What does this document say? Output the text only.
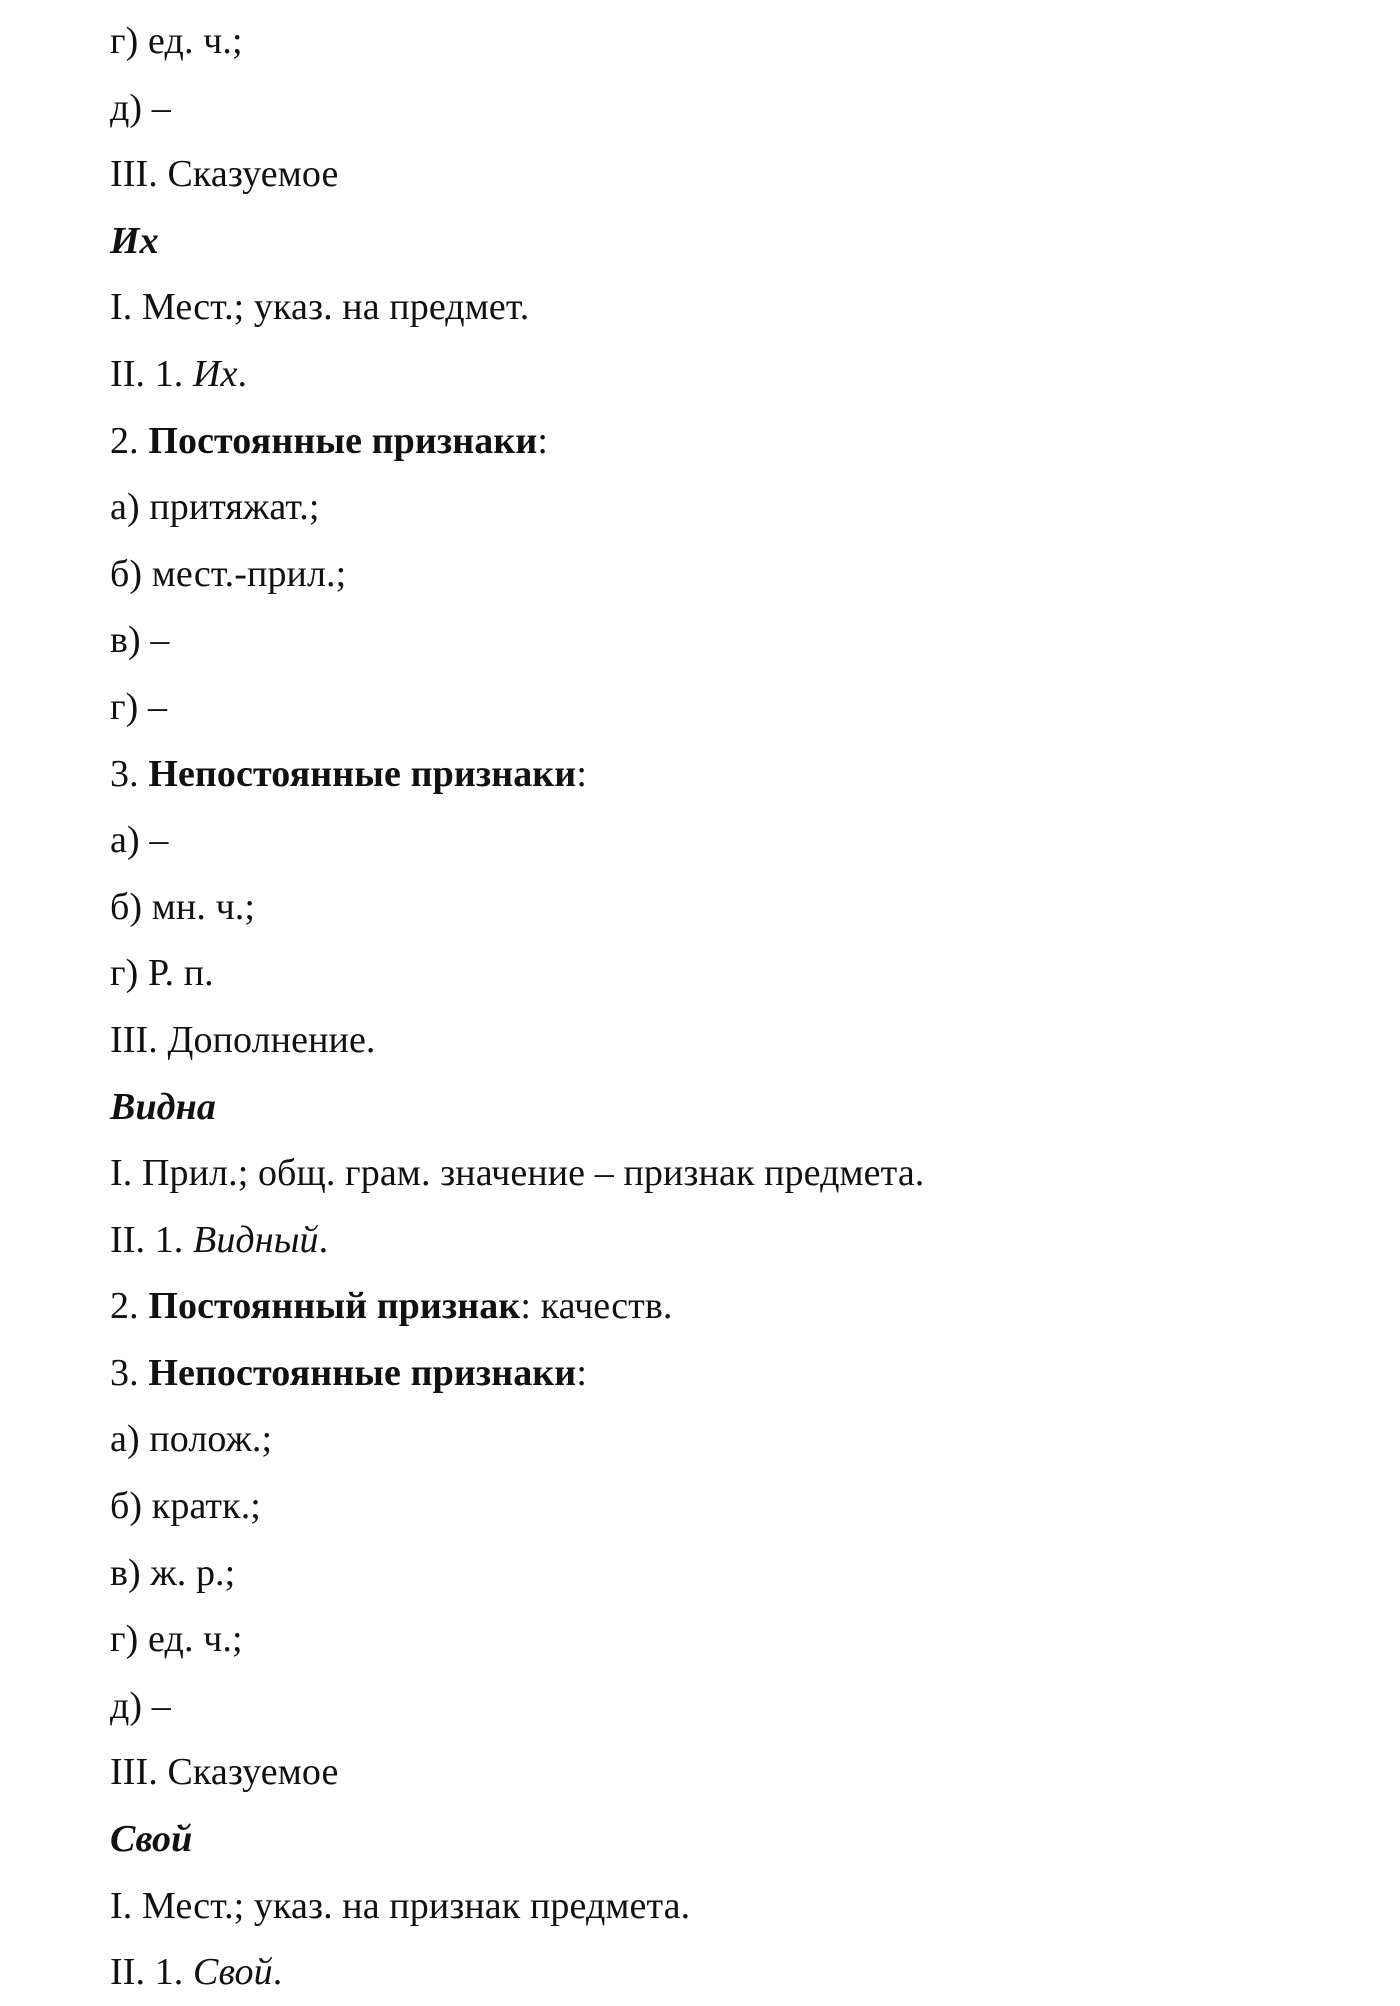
г) ед. ч.;
д) –
III. Сказуемое
Их
I. Мест.; указ. на предмет.
II. 1. Их.
2. Постоянные признаки:
а) притяжат.;
б) мест.-прил.;
в) –
г) –
3. Непостоянные признаки:
а) –
б) мн. ч.;
г) Р. п.
III. Дополнение.
Видна
I. Прил.; общ. грам. значение – признак предмета.
II. 1. Видный.
2. Постоянный признак: качеств.
3. Непостоянные признаки:
а) полож.;
б) кратк.;
в) ж. р.;
г) ед. ч.;
д) –
III. Сказуемое
Свой
I. Мест.; указ. на признак предмета.
II. 1. Свой.
